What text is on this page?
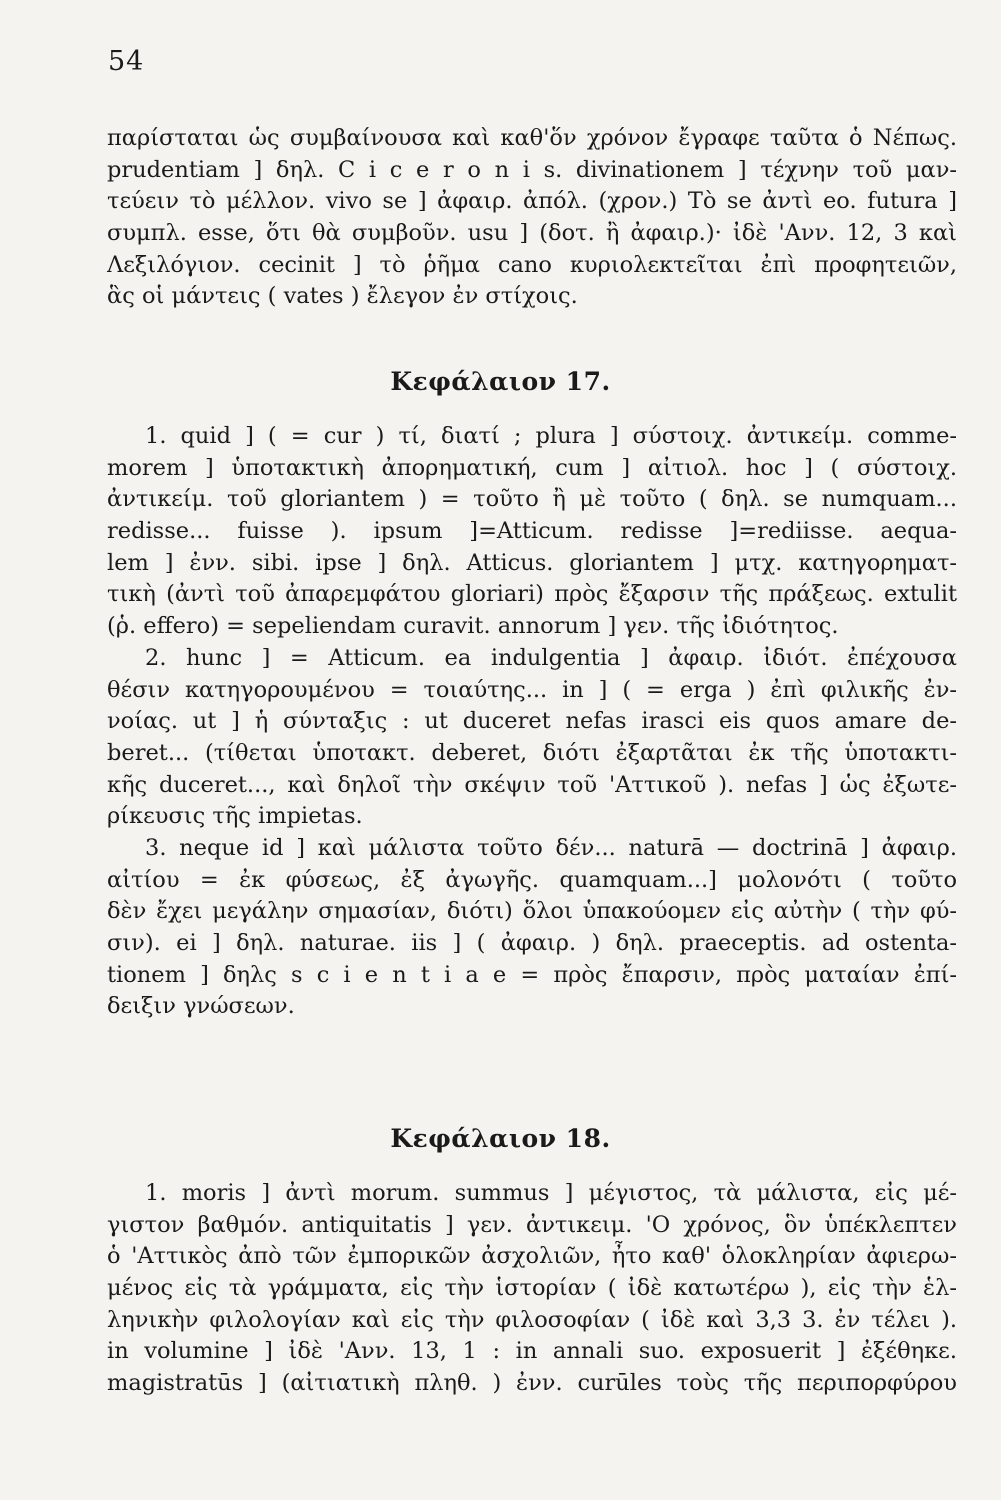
54
παρίσταται ὡς συμβαίνουσα καὶ καθ'ὅν χρόνον ἔγραφε ταῦτα ὁ Νέπως.
prudentiam ] δηλ. C i c e r o n i s. divinationem ] τέχνην τοῦ μαν-
τεύειν τὸ μέλλον. vivo se ] ἀφαιρ. ἀπόλ. (χρον.) Τὸ se ἀντὶ eo. futura ]
συμπλ. esse, ὅτι θὰ συμβοῦν. usu ] (δοτ. ἢ ἀφαιρ.)· ἰδὲ 'Ανν. 12, 3 καὶ
Λεξιλόγιον. cecinit ] τὸ ῥῆμα cano κυριολεκτεῖται ἐπὶ προφητειῶν,
ἃς οἱ μάντεις ( vates ) ἔλεγον ἐν στίχοις.
Κεφάλαιον 17.
1. quid ] ( = cur ) τί, διατί ; plura ] σύστοιχ. ἀντικείμ. comme-
morem ] ὑποτακτικὴ ἀπορηματική, cum ] αἰτιολ. hoc ] ( σύστοιχ.
ἀντικείμ. τοῦ gloriantem ) = τοῦτο ἢ μὲ τοῦτο ( δηλ. se numquam...
redisse... fuisse ). ipsum ]=Atticum. redisse ]=rediisse. aequa-
lem ] ἐνν. sibi. ipse ] δηλ. Atticus. gloriantem ] μτχ. κατηγορηματ-
τικὴ (ἀντὶ τοῦ ἀπαρεμφάτου gloriari) πρὸς ἔξαρσιν τῆς πράξεως. extulit
(ῥ. effero) = sepeliendam curavit. annorum ] γεν. τῆς ἰδιότητος.
2. hunc ] = Atticum. ea indulgentia ] ἀφαιρ. ἰδιότ. ἐπέχουσα
θέσιν κατηγορουμένου = τοιαύτης... in ] ( = erga ) ἐπὶ φιλικῆς ἐν-
νοίας. ut ] ἡ σύνταξις : ut duceret nefas irasci eis quos amare de-
beret... (τίθεται ὑποτακτ. deberet, διότι ἐξαρτᾶται ἐκ τῆς ὑποτακτι-
κῆς duceret..., καὶ δηλοῖ τὴν σκέψιν τοῦ 'Αττικοῦ ). nefas ] ὡς ἐξωτε-
ρίκευσις τῆς impietas.
3. neque id ] καὶ μάλιστα τοῦτο δέν... naturā — doctrinā ] ἀφαιρ.
αἰτίου = ἐκ φύσεως, ἐξ ἀγωγῆς. quamquam...] μολονότι ( τοῦτο
δὲν ἔχει μεγάλην σημασίαν, διότι) ὅλοι ὑπακούομεν εἰς αὐτὴν ( τὴν φύ-
σιν). ei ] δηλ. naturae. iis ] ( ἀφαιρ. ) δηλ. praeceptis. ad ostenta-
tionem ] δηλς s c i e n t i a e = πρὸς ἔπαρσιν, πρὸς ματαίαν ἐπί-
δειξιν γνώσεων.
Κεφάλαιον 18.
1. moris ] ἀντὶ morum. summus ] μέγιστος, τὰ μάλιστα, εἰς μέ-
γιστον βαθμόν. antiquitatis ] γεν. ἀντικειμ. 'Ο χρόνος, ὃν ὑπέκλεπτεν
ὁ 'Αττικὸς ἀπὸ τῶν ἐμπορικῶν ἀσχολιῶν, ἦτο καθ' ὁλοκληρίαν ἀφιερω-
μένος εἰς τὰ γράμματα, εἰς τὴν ἱστορίαν ( ἰδὲ κατωτέρω ), εἰς τὴν ἑλ-
ληνικὴν φιλολογίαν καὶ εἰς τὴν φιλοσοφίαν ( ἰδὲ καὶ 3,3 3. ἐν τέλει ).
in volumine ] ἰδὲ 'Ανν. 13, 1 : in annali suo. exposuerit ] ἐξέθηκε.
magistratūs ] (αἰτιατικὴ πληθ. ) ἐνν. curūles τοὺς τῆς περιπορφύρου
